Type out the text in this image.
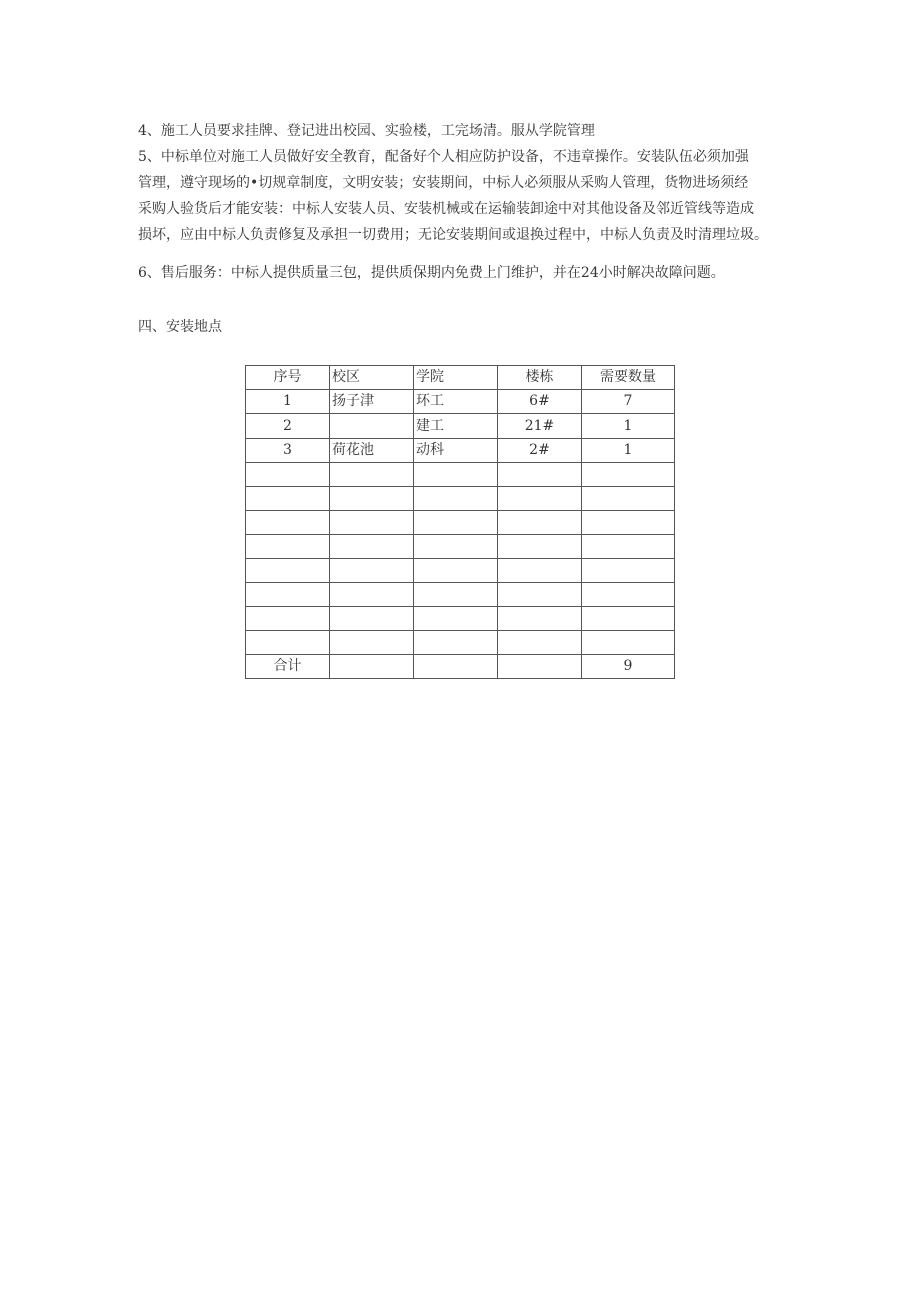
4、施工人员要求挂牌、登记进出校园、实验楼，工完场清。服从学院管理
5、中标单位对施工人员做好安全教育，配备好个人相应防护设备，不违章操作。安装队伍必须加强
管理，遵守现场的•切规章制度，文明安装；安装期间，中标人必须服从采购人管理，货物进场须经
采购人验货后才能安装：中标人安装人员、安装机械或在运输装卸途中对其他设备及邻近管线等造成
损坏，应由中标人负责修复及承担一切费用；无论安装期间或退换过程中，中标人负责及时清理垃圾。
6、售后服务：中标人提供质量三包，提供质保期内免费上门维护，并在24小时解决故障问题。
四、安装地点
序号	校区	学院	楼栋	需要数量
1	扬子津	环工	6#	7
2		建工	21#	1
3	荷花池	动科	2#	1

合计				9
